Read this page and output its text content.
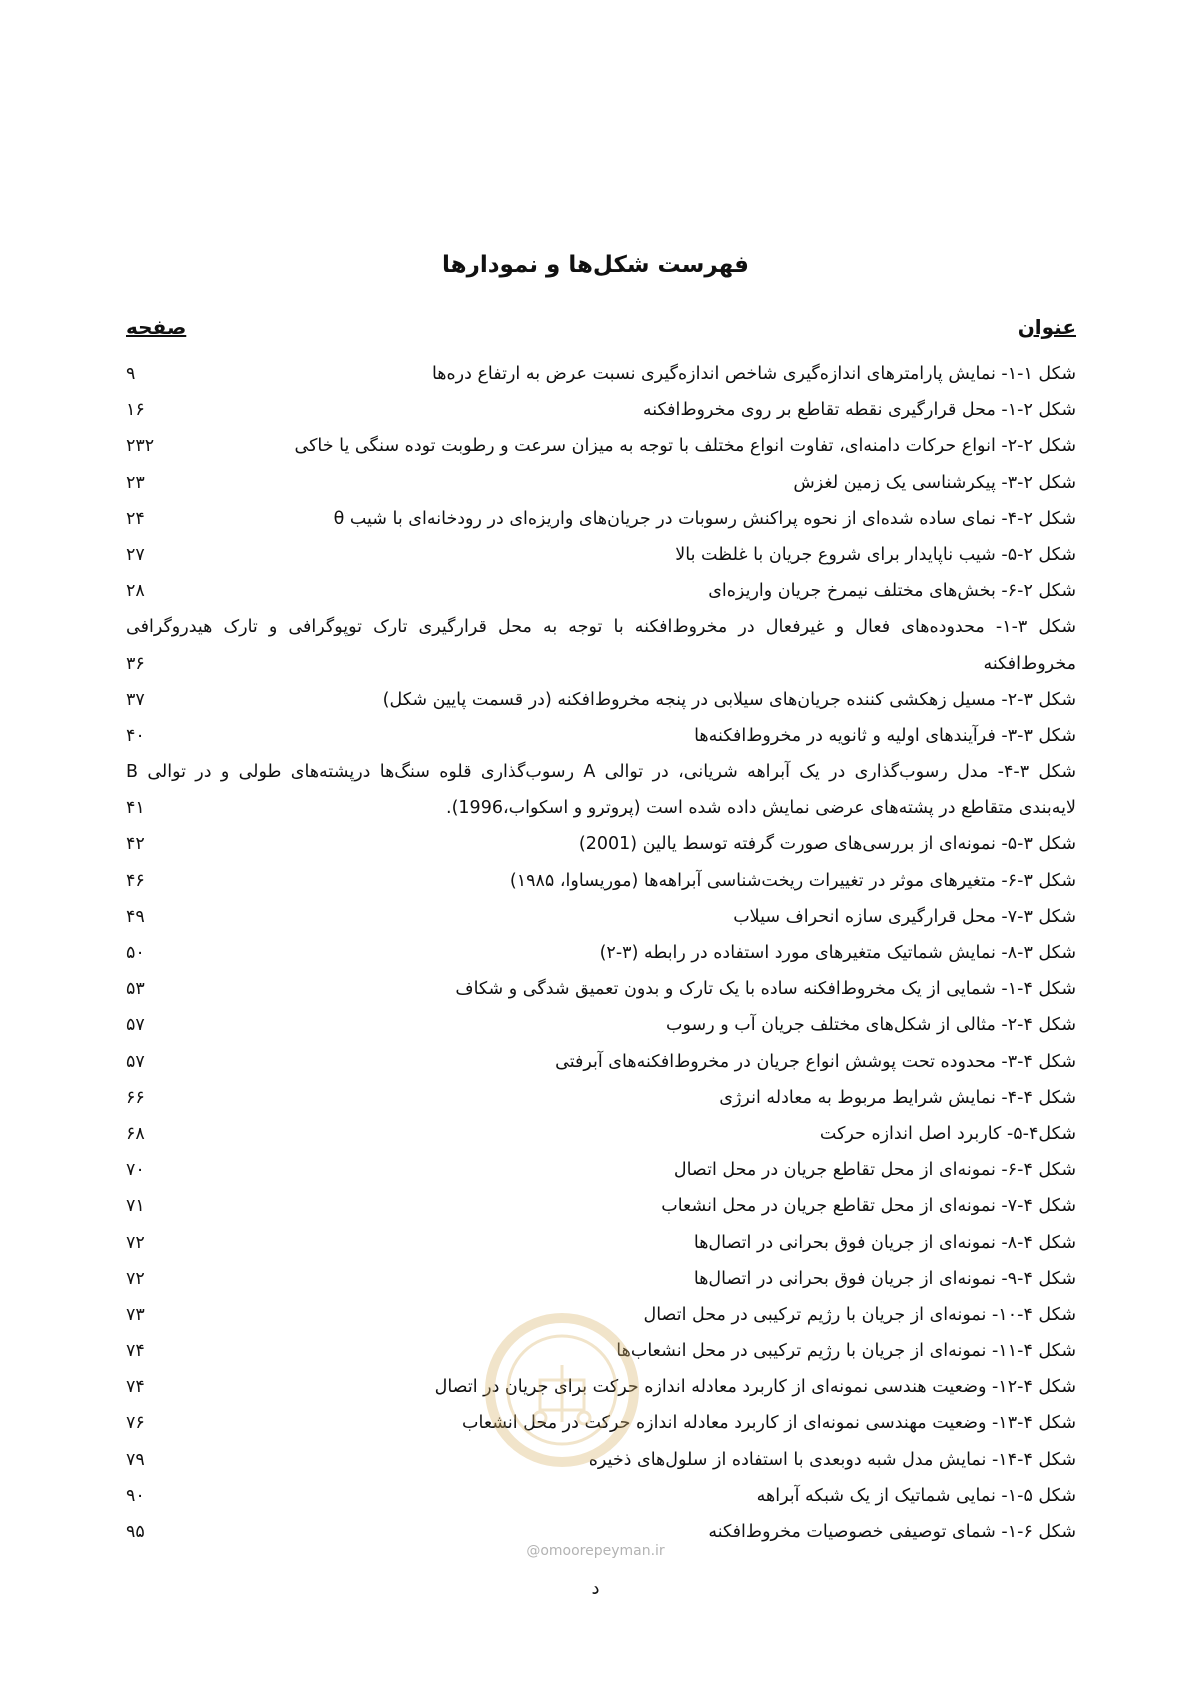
فهرست شکل‌ها و نمودارها
عنوان
صفحه
شکل ۱-۱- نمایش پارامترهای اندازه‌گیری شاخص اندازه‌گیری نسبت عرض به ارتفاع دره‌ها
۹
شکل ۲-۱- محل قرارگیری نقطه تقاطع بر روی مخروط‌افکنه
۱۶
شکل ۲-۲- انواع حرکات دامنه‌ای، تفاوت انواع مختلف با توجه به میزان سرعت و رطوبت توده سنگی یا خاکی
۲۳۲
شکل ۲-۳- پیکرشناسی یک زمین لغزش
۲۳
شکل ۲-۴- نمای ساده شده‌ای از نحوه پراکنش رسوبات در جریان‌های واریزه‌ای در رودخانه‌ای با شیب θ
۲۴
شکل ۲-۵- شیب ناپایدار برای شروع جریان با غلظت بالا
۲۷
شکل ۲-۶- بخش‌های مختلف نیمرخ جریان واریزه‌ای
۲۸
شکل ۳-۱- محدوده‌های فعال و غیرفعال در مخروط‌افکنه با توجه به محل قرارگیری تارک توپوگرافی و تارک هیدروگرافی
مخروط‌افکنه
۳۶
شکل ۳-۲- مسیل زهکشی کننده جریان‌های سیلابی در پنجه مخروط‌افکنه (در قسمت پایین شکل)
۳۷
شکل ۳-۳- فرآیندهای اولیه و ثانویه در مخروط‌افکنه‌ها
۴۰
شکل ۳-۴- مدل رسوب‌گذاری در یک آبراهه شریانی، در توالی A رسوب‌گذاری قلوه سنگ‌ها درپشته‌های طولی و در توالی B
لایه‌بندی متقاطع در پشته‌های عرضی نمایش داده شده است (پروترو و اسکواب،1996).
۴۱
شکل ۳-۵- نمونه‌ای از بررسی‌های صورت گرفته توسط یالین (2001)
۴۲
شکل ۳-۶- متغیرهای موثر در تغییرات ریخت‌شناسی آبراهه‌ها (موریساوا، ۱۹۸۵)
۴۶
شکل ۳-۷- محل قرارگیری سازه انحراف سیلاب
۴۹
شکل ۳-۸- نمایش شماتیک متغیرهای مورد استفاده در رابطه (۳-۲)
۵۰
شکل ۴-۱- شمایی از یک مخروط‌افکنه ساده با یک تارک و بدون تعمیق شدگی و شکاف
۵۳
شکل ۴-۲- مثالی از شکل‌های مختلف جریان آب و رسوب
۵۷
شکل ۴-۳- محدوده تحت پوشش انواع جریان در مخروط‌افکنه‌های آبرفتی
۵۷
شکل ۴-۴- نمایش شرایط مربوط به معادله انرژی
۶۶
شکل۴-۵- کاربرد اصل اندازه حرکت
۶۸
شکل ۴-۶- نمونه‌ای از محل تقاطع جریان در محل اتصال
۷۰
شکل ۴-۷- نمونه‌ای از محل تقاطع جریان در محل انشعاب
۷۱
شکل ۴-۸- نمونه‌ای از جریان فوق بحرانی در اتصال‌ها
۷۲
شکل ۴-۹- نمونه‌ای از جریان فوق بحرانی در اتصال‌ها
۷۲
شکل ۴-۱۰- نمونه‌ای از جریان با رژیم ترکیبی در محل اتصال
۷۳
شکل ۴-۱۱- نمونه‌ای از جریان با رژیم ترکیبی در محل انشعاب‌ها
۷۴
شکل ۴-۱۲- وضعیت هندسی نمونه‌ای از کاربرد معادله اندازه حرکت برای جریان در اتصال
۷۴
شکل ۴-۱۳- وضعیت مهندسی نمونه‌ای از کاربرد معادله اندازه حرکت در محل انشعاب
۷۶
شکل ۴-۱۴- نمایش مدل شبه دوبعدی با استفاده از سلول‌های ذخیره
۷۹
شکل ۵-۱- نمایی شماتیک از یک شبکه آبراهه
۹۰
شکل ۶-۱- شمای توصیفی خصوصیات مخروط‌افکنه
۹۵
@omoorepeyman.ir
د
